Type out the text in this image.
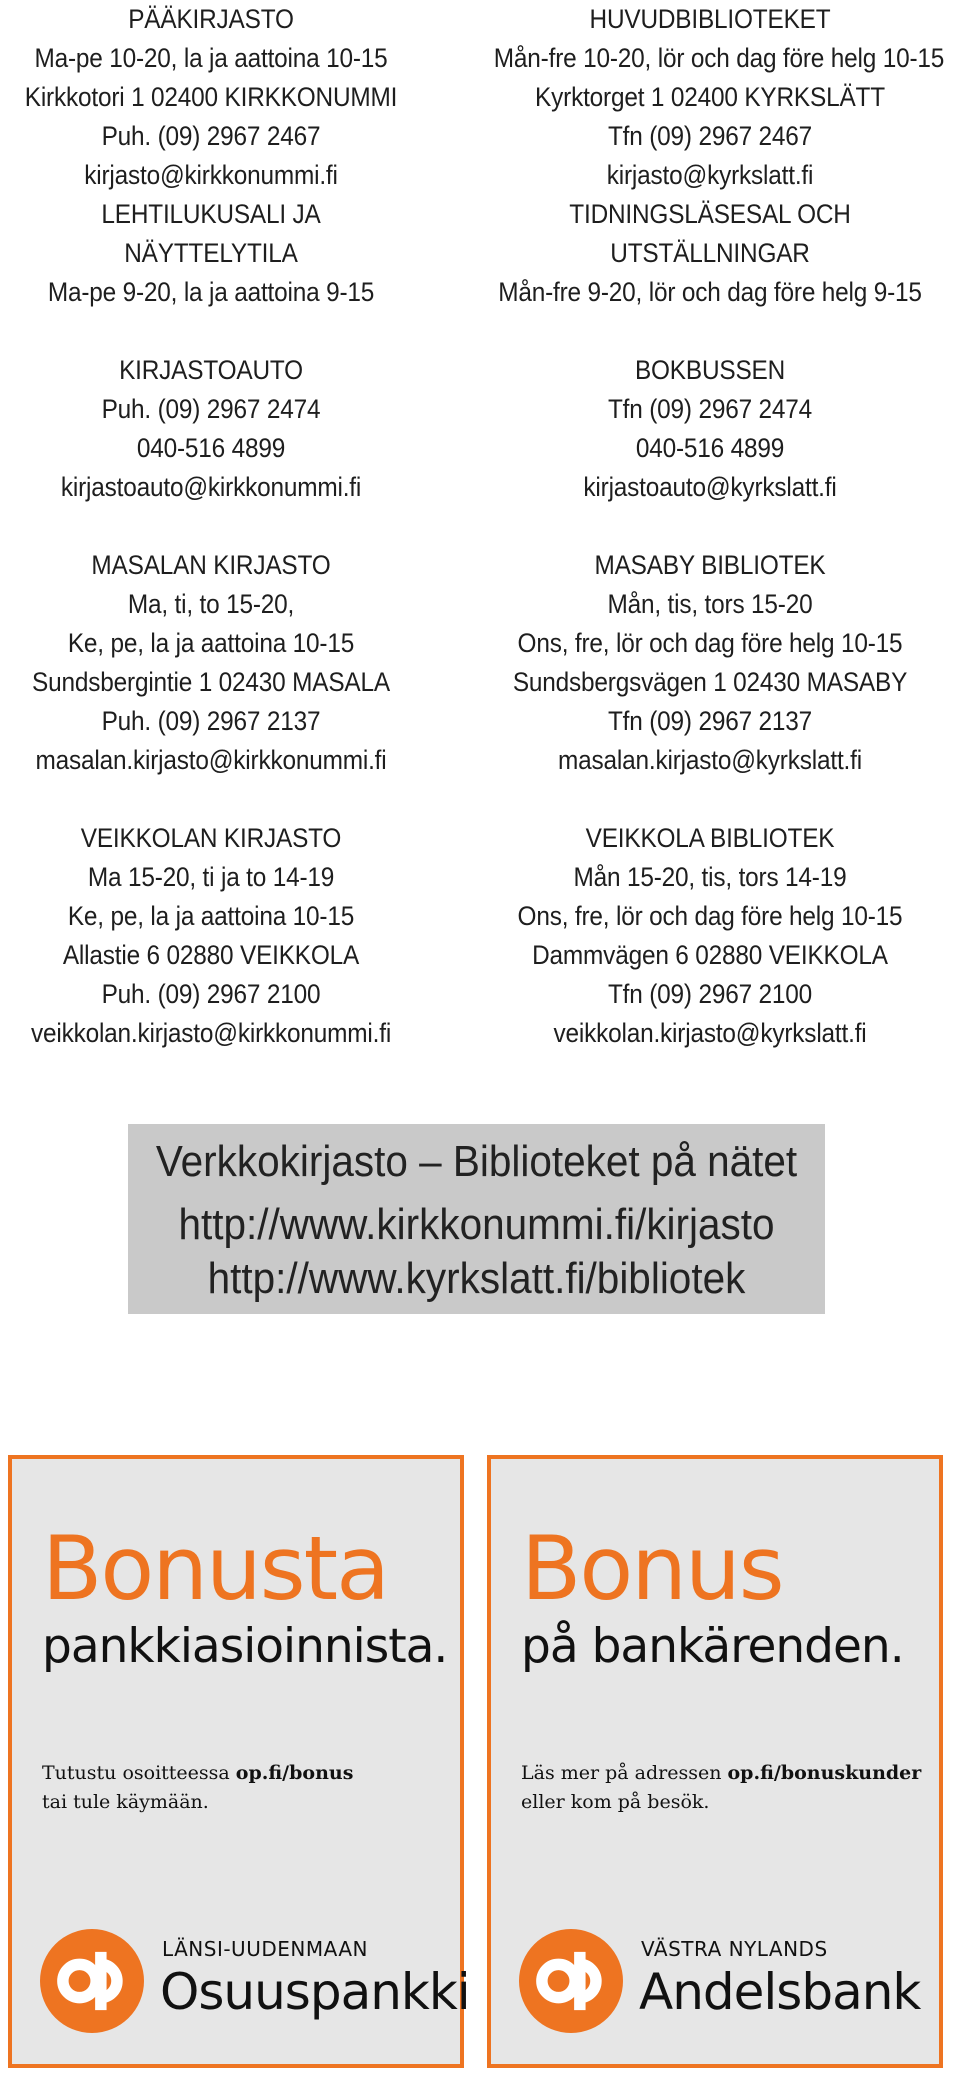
PÄÄKIRJASTO
Ma-pe 10-20, la ja aattoina 10-15
Kirkkotori 1 02400 KIRKKONUMMI
Puh. (09) 2967 2467
kirjasto@kirkkonummi.fi
LEHTILUKUSALI JA
NÄYTTELYTILA
Ma-pe 9-20, la ja aattoina 9-15
KIRJASTOAUTO
Puh. (09) 2967 2474
040-516 4899
kirjastoauto@kirkkonummi.fi
MASALAN KIRJASTO
Ma, ti, to 15-20,
Ke, pe, la ja aattoina 10-15
Sundsbergintie 1 02430 MASALA
Puh. (09) 2967 2137
masalan.kirjasto@kirkkonummi.fi
VEIKKOLAN KIRJASTO
Ma 15-20, ti ja to 14-19
Ke, pe, la ja aattoina 10-15
Allastie 6 02880 VEIKKOLA
Puh. (09) 2967 2100
veikkolan.kirjasto@kirkkonummi.fi
HUVUDBIBLIOTEKET
Mån-fre 10-20, lör och dag före helg 10-15
Kyrktorget 1 02400 KYRKSLÄTT
Tfn (09) 2967 2467
kirjasto@kyrkslatt.fi
TIDNINGSLÄSESAL OCH
UTSTÄLLNINGAR
Mån-fre 9-20, lör och dag före helg 9-15
BOKBUSSEN
Tfn (09) 2967 2474
040-516 4899
kirjastoauto@kyrkslatt.fi
MASABY BIBLIOTEK
Mån, tis, tors 15-20
Ons, fre, lör och dag före helg 10-15
Sundsbergsvägen 1 02430 MASABY
Tfn (09) 2967 2137
masalan.kirjasto@kyrkslatt.fi
VEIKKOLA BIBLIOTEK
Mån 15-20, tis, tors 14-19
Ons, fre, lör och dag före helg 10-15
Dammvägen 6 02880 VEIKKOLA
Tfn (09) 2967 2100
veikkolan.kirjasto@kyrkslatt.fi
Verkkokirjasto – Biblioteket på nätet
http://www.kirkkonummi.fi/kirjasto
http://www.kyrkslatt.fi/bibliotek
Bonusta
pankkiasioinnista.
Tutustu osoitteessa op.fi/bonus
tai tule käymään.
LÄNSI-UUDENMAAN
Osuuspankki
Bonus
på bankärenden.
Läs mer på adressen op.fi/bonuskunder
eller kom på besök.
VÄSTRA NYLANDS
Andelsbank
